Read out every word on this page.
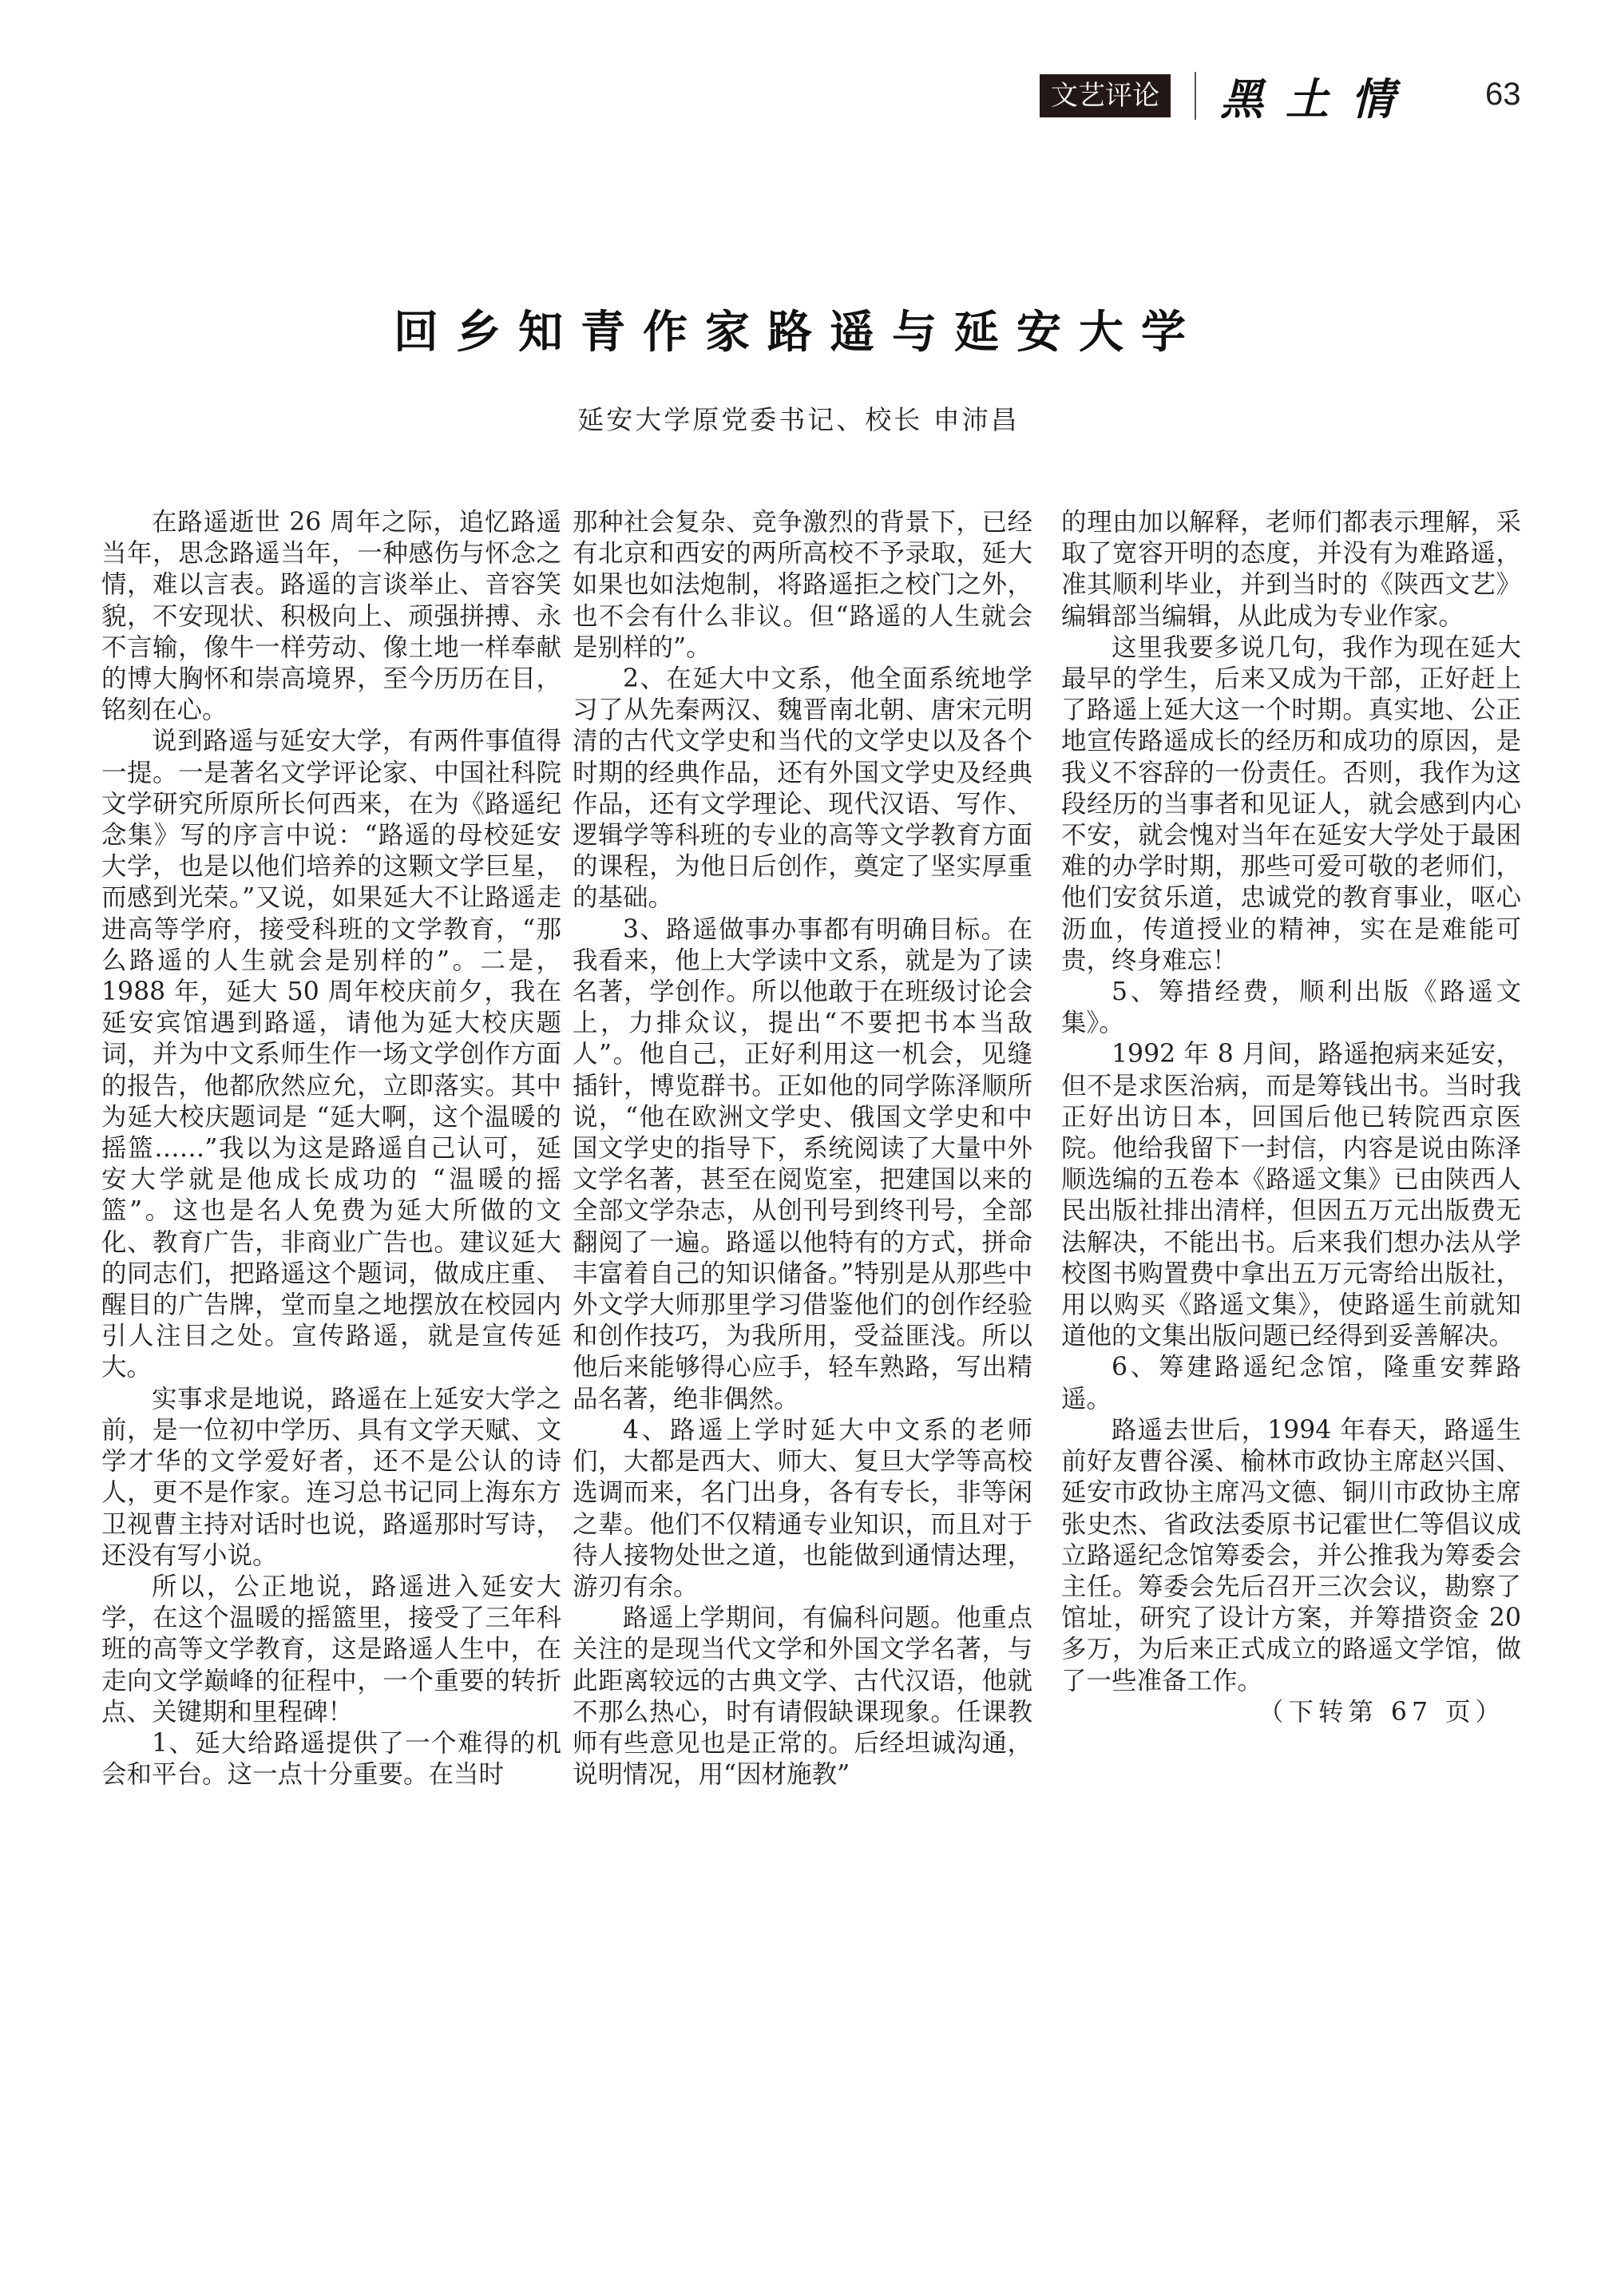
文艺评论 黑土情 63
回乡知青作家路遥与延安大学
延安大学原党委书记、校长 申沛昌

在路遥逝世 26 周年之际，追忆路遥当年，思念路遥当年，一种感伤与怀念之情，难以言表。路遥的言谈举止、音容笑貌，不安现状、积极向上、顽强拼搏、永不言输，像牛一样劳动、像土地一样奉献的博大胸怀和崇高境界，至今历历在目，铭刻在心。

说到路遥与延安大学，有两件事值得一提。一是著名文学评论家、中国社科院文学研究所原所长何西来，在为《路遥纪念集》写的序言中说：“路遥的母校延安大学，也是以他们培养的这颗文学巨星，而感到光荣。”又说，如果延大不让路遥走进高等学府，接受科班的文学教育，“那么路遥的人生就会是别样的”。二是，1988 年，延大 50 周年校庆前夕，我在延安宾馆遇到路遥，请他为延大校庆题词，并为中文系师生作一场文学创作方面的报告，他都欣然应允，立即落实。其中为延大校庆题词是 “延大啊，这个温暖的摇篮……”我以为这是路遥自己认可，延安大学就是他成长成功的 “温暖的摇篮”。这也是名人免费为延大所做的文化、教育广告，非商业广告也。建议延大的同志们，把路遥这个题词，做成庄重、醒目的广告牌，堂而皇之地摆放在校园内引人注目之处。宣传路遥，就是宣传延大。

实事求是地说，路遥在上延安大学之前，是一位初中学历、具有文学天赋、文学才华的文学爱好者，还不是公认的诗人，更不是作家。连习总书记同上海东方卫视曹主持对话时也说，路遥那时写诗，还没有写小说。

所以，公正地说，路遥进入延安大学，在这个温暖的摇篮里，接受了三年科班的高等文学教育，这是路遥人生中，在走向文学巅峰的征程中，一个重要的转折点、关键期和里程碑！

1、延大给路遥提供了一个难得的机会和平台。这一点十分重要。在当时

那种社会复杂、竞争激烈的背景下，已经有北京和西安的两所高校不予录取，延大如果也如法炮制，将路遥拒之校门之外，也不会有什么非议。但“路遥的人生就会是别样的”。

2、在延大中文系，他全面系统地学习了从先秦两汉、魏晋南北朝、唐宋元明清的古代文学史和当代的文学史以及各个时期的经典作品，还有外国文学史及经典作品，还有文学理论、现代汉语、写作、逻辑学等科班的专业的高等文学教育方面的课程，为他日后创作，奠定了坚实厚重的基础。

3、路遥做事办事都有明确目标。在我看来，他上大学读中文系，就是为了读名著，学创作。所以他敢于在班级讨论会上，力排众议，提出“不要把书本当敌人”。他自己，正好利用这一机会，见缝插针，博览群书。正如他的同学陈泽顺所说，“他在欧洲文学史、俄国文学史和中国文学史的指导下，系统阅读了大量中外文学名著，甚至在阅览室，把建国以来的全部文学杂志，从创刊号到终刊号，全部翻阅了一遍。路遥以他特有的方式，拼命丰富着自己的知识储备。”特别是从那些中外文学大师那里学习借鉴他们的创作经验和创作技巧，为我所用，受益匪浅。所以他后来能够得心应手，轻车熟路，写出精品名著，绝非偶然。

4、路遥上学时延大中文系的老师们，大都是西大、师大、复旦大学等高校选调而来，名门出身，各有专长，非等闲之辈。他们不仅精通专业知识，而且对于待人接物处世之道，也能做到通情达理，游刃有余。

路遥上学期间，有偏科问题。他重点关注的是现当代文学和外国文学名著，与此距离较远的古典文学、古代汉语，他就不那么热心，时有请假缺课现象。任课教师有些意见也是正常的。后经坦诚沟通，说明情况，用“因材施教”

的理由加以解释，老师们都表示理解，采取了宽容开明的态度，并没有为难路遥，准其顺利毕业，并到当时的《陕西文艺》编辑部当编辑，从此成为专业作家。

这里我要多说几句，我作为现在延大最早的学生，后来又成为干部，正好赶上了路遥上延大这一个时期。真实地、公正地宣传路遥成长的经历和成功的原因，是我义不容辞的一份责任。否则，我作为这段经历的当事者和见证人，就会感到内心不安，就会愧对当年在延安大学处于最困难的办学时期，那些可爱可敬的老师们，他们安贫乐道，忠诚党的教育事业，呕心沥血，传道授业的精神，实在是难能可贵，终身难忘！

5、筹措经费，顺利出版《路遥文集》。

1992 年 8 月间，路遥抱病来延安，但不是求医治病，而是筹钱出书。当时我正好出访日本，回国后他已转院西京医院。他给我留下一封信，内容是说由陈泽顺选编的五卷本《路遥文集》已由陕西人民出版社排出清样，但因五万元出版费无法解决，不能出书。后来我们想办法从学校图书购置费中拿出五万元寄给出版社，用以购买《路遥文集》，使路遥生前就知道他的文集出版问题已经得到妥善解决。

6、筹建路遥纪念馆，隆重安葬路遥。

路遥去世后，1994 年春天，路遥生前好友曹谷溪、榆林市政协主席赵兴国、延安市政协主席冯文德、铜川市政协主席张史杰、省政法委原书记霍世仁等倡议成立路遥纪念馆筹委会，并公推我为筹委会主任。筹委会先后召开三次会议，勘察了馆址，研究了设计方案，并筹措资金 20 多万，为后来正式成立的路遥文学馆，做了一些准备工作。

（下转第 67 页）
